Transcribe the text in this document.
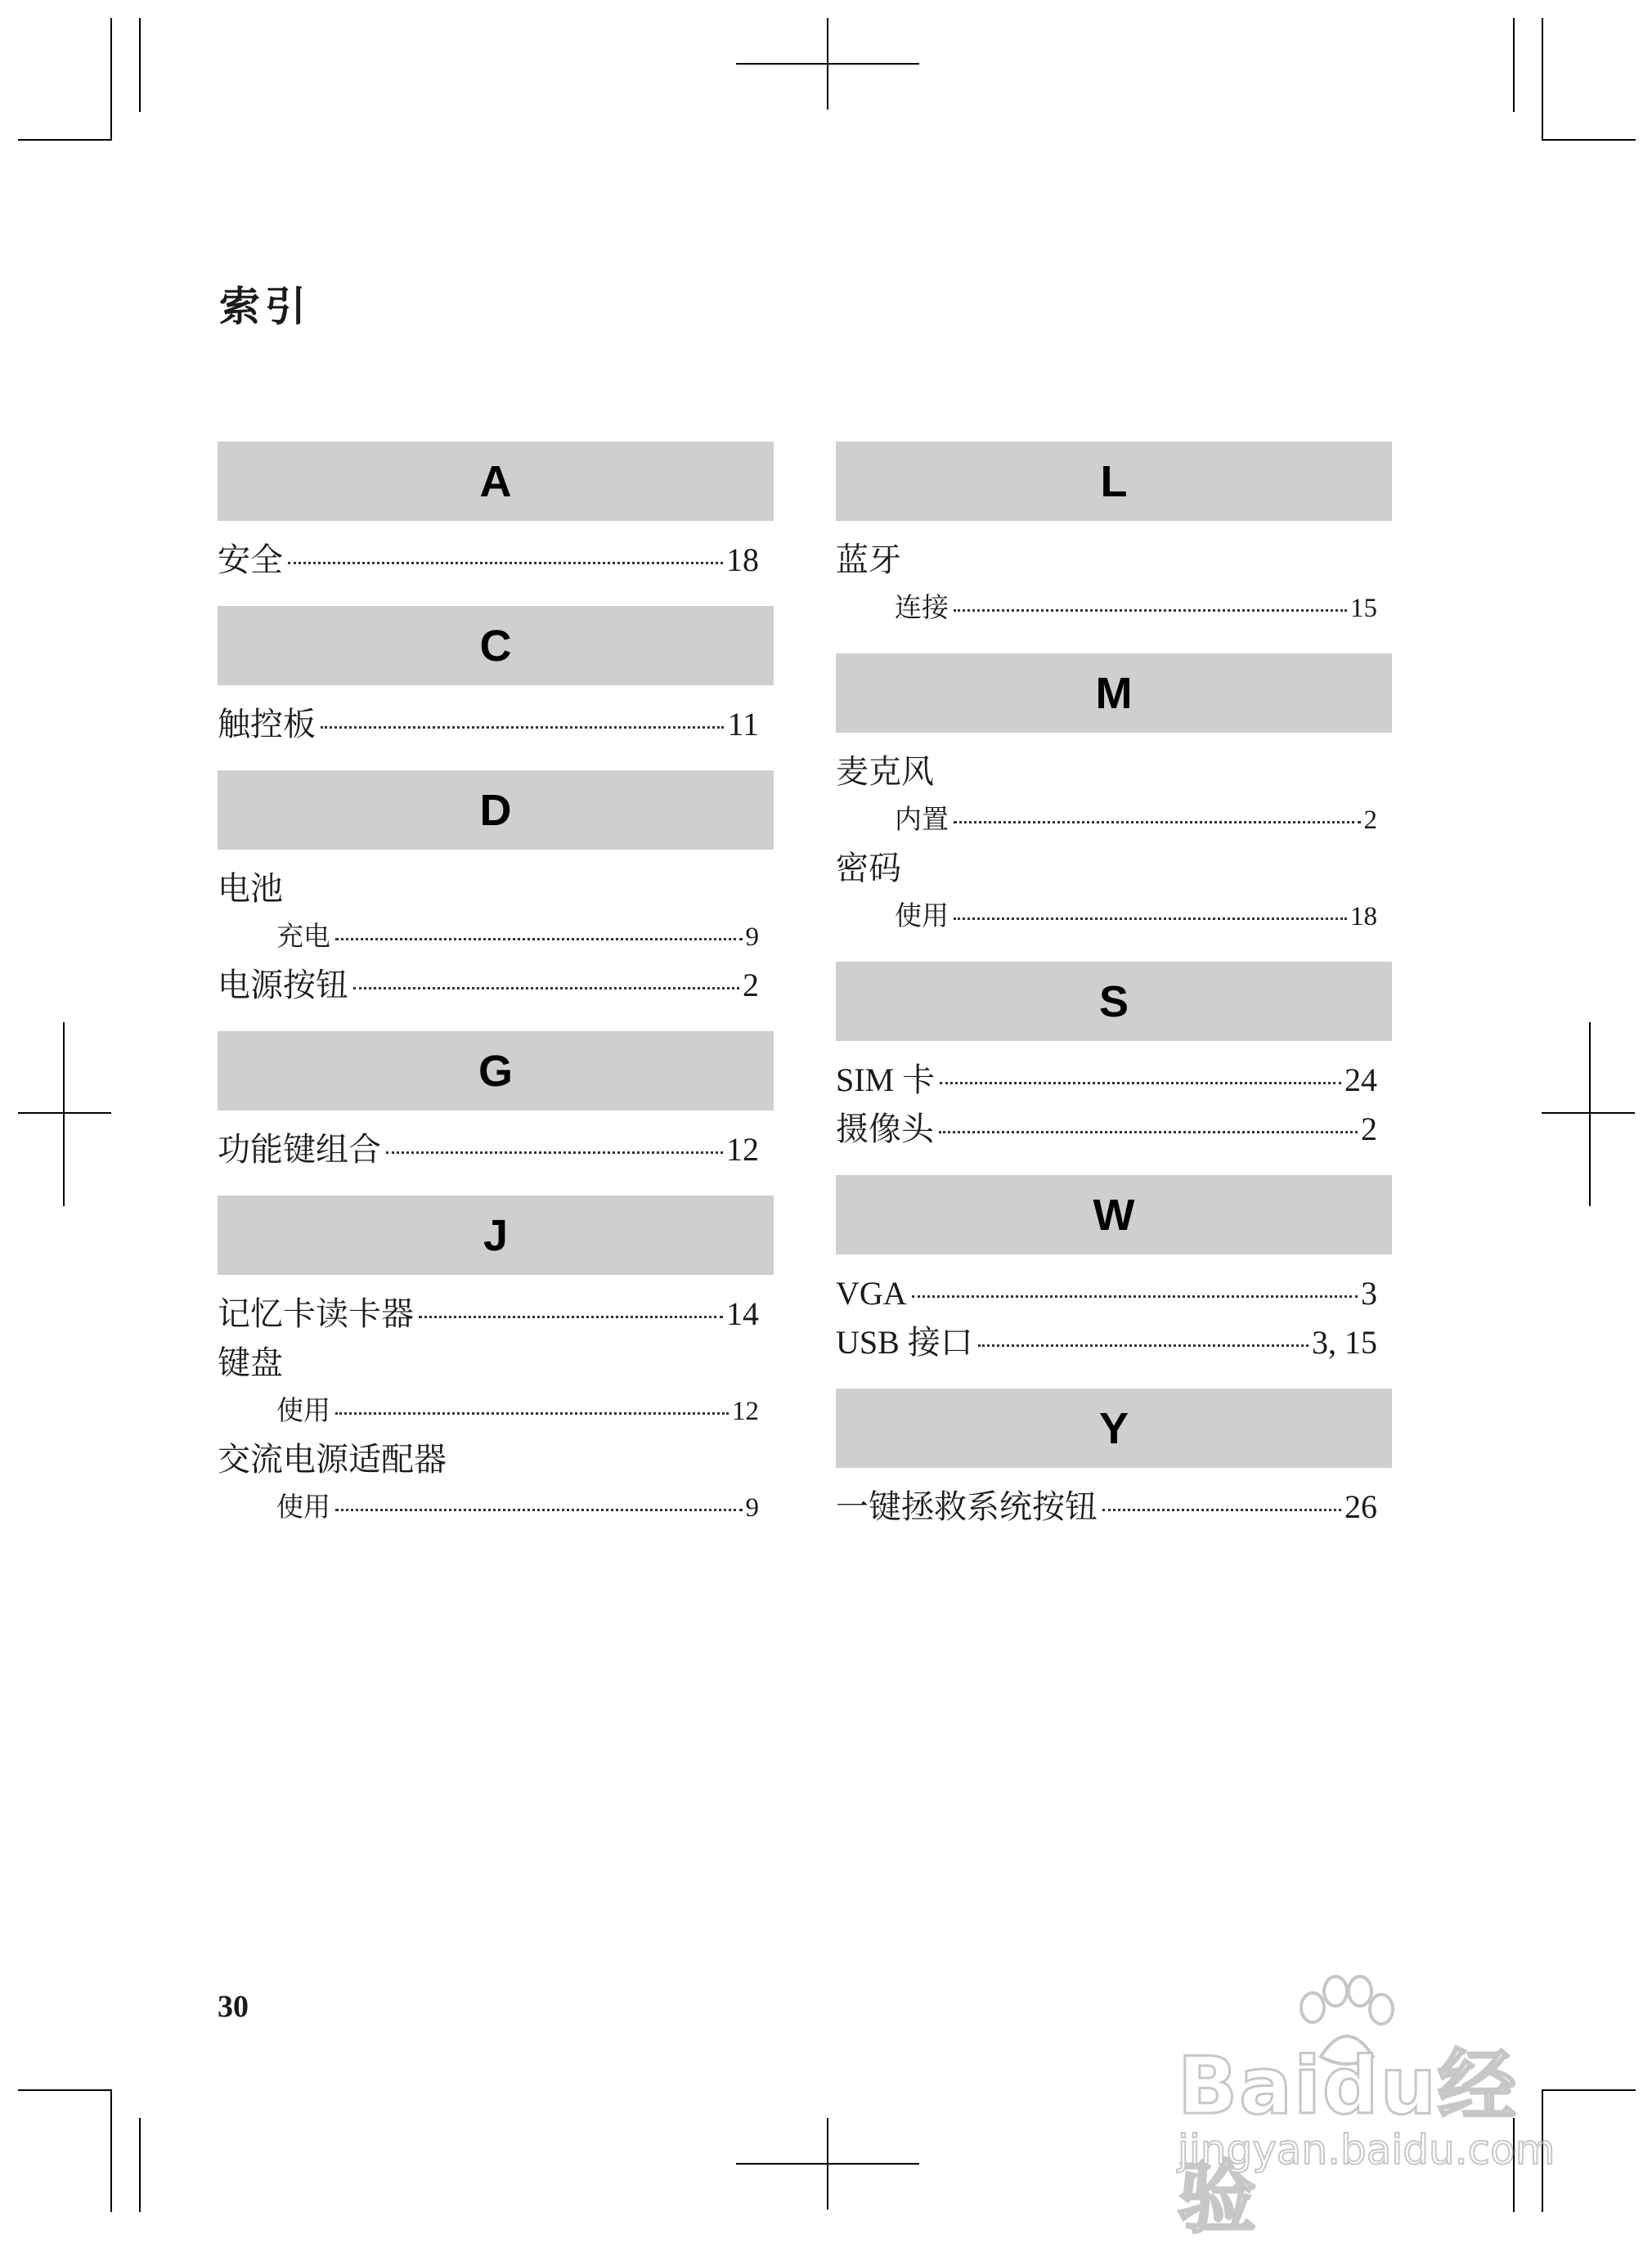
索引
A
安全	18
C
触控板	11
D
电池
充电	9
电源按钮	2
G
功能键组合	12
J
记忆卡读卡器	14
键盘
使用	12
交流电源适配器
使用	9
L
蓝牙
连接	15
M
麦克风
内置	2
密码
使用	18
S
SIM 卡	24
摄像头	2
W
VGA	3
USB 接口	3, 15
Y
一键拯救系统按钮	26
30
Baidu经验
jingyan.baidu.com
